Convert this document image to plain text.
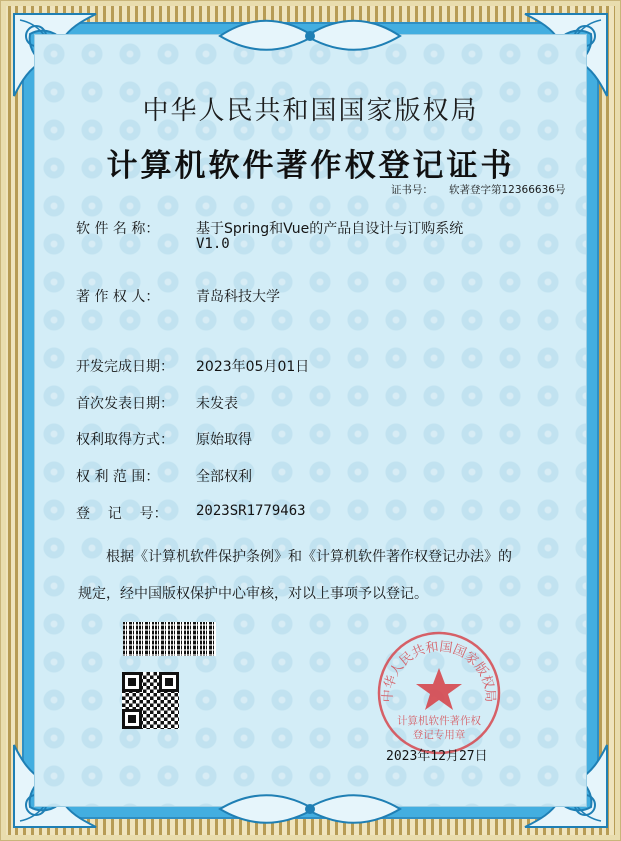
中华人民共和国国家版权局
计算机软件著作权登记证书
证书号： 软著登字第12366636号
软 件 名 称：	基于Spring和Vue的产品自设计与订购系统
V1.0
著 作 权 人：	青岛科技大学
开发完成日期： 2023年05月01日
首次发表日期： 未发表
权利取得方式： 原始取得
权 利 范 围：	全部权利
登    记    号： 2023SR1779463
根据《计算机软件保护条例》和《计算机软件著作权登记办法》的
规定，经中国版权保护中心审核，对以上事项予以登记。
中华人民共和国国家版权局
计算机软件著作权
登记专用章
2023年12月27日
